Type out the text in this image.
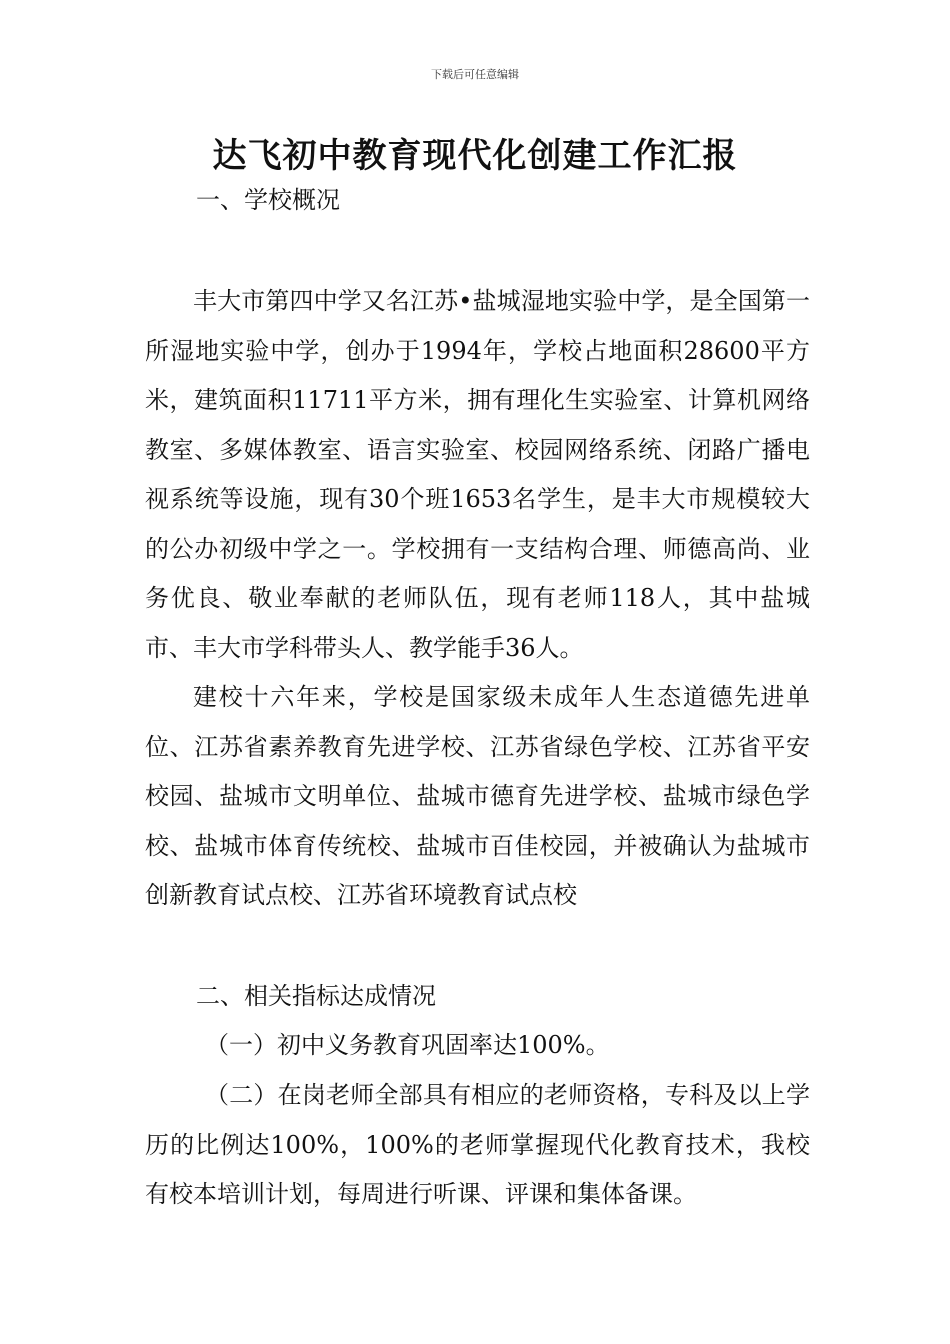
下载后可任意编辑
达飞初中教育现代化创建工作汇报
一、学校概况

丰大市第四中学又名江苏•盐城湿地实验中学，是全国第一所湿地实验中学，创办于1994年，学校占地面积28600平方米，建筑面积11711平方米，拥有理化生实验室、计算机网络教室、多媒体教室、语言实验室、校园网络系统、闭路广播电视系统等设施，现有30个班1653名学生，是丰大市规模较大的公办初级中学之一。学校拥有一支结构合理、师德高尚、业务优良、敬业奉献的老师队伍，现有老师118人，其中盐城市、丰大市学科带头人、教学能手36人。

建校十六年来，学校是国家级未成年人生态道德先进单位、江苏省素养教育先进学校、江苏省绿色学校、江苏省平安校园、盐城市文明单位、盐城市德育先进学校、盐城市绿色学校、盐城市体育传统校、盐城市百佳校园，并被确认为盐城市创新教育试点校、江苏省环境教育试点校

二、相关指标达成情况
（一）初中义务教育巩固率达100%。

（二）在岗老师全部具有相应的老师资格，专科及以上学历的比例达100%，100%的老师掌握现代化教育技术，我校有校本培训计划，每周进行听课、评课和集体备课。
